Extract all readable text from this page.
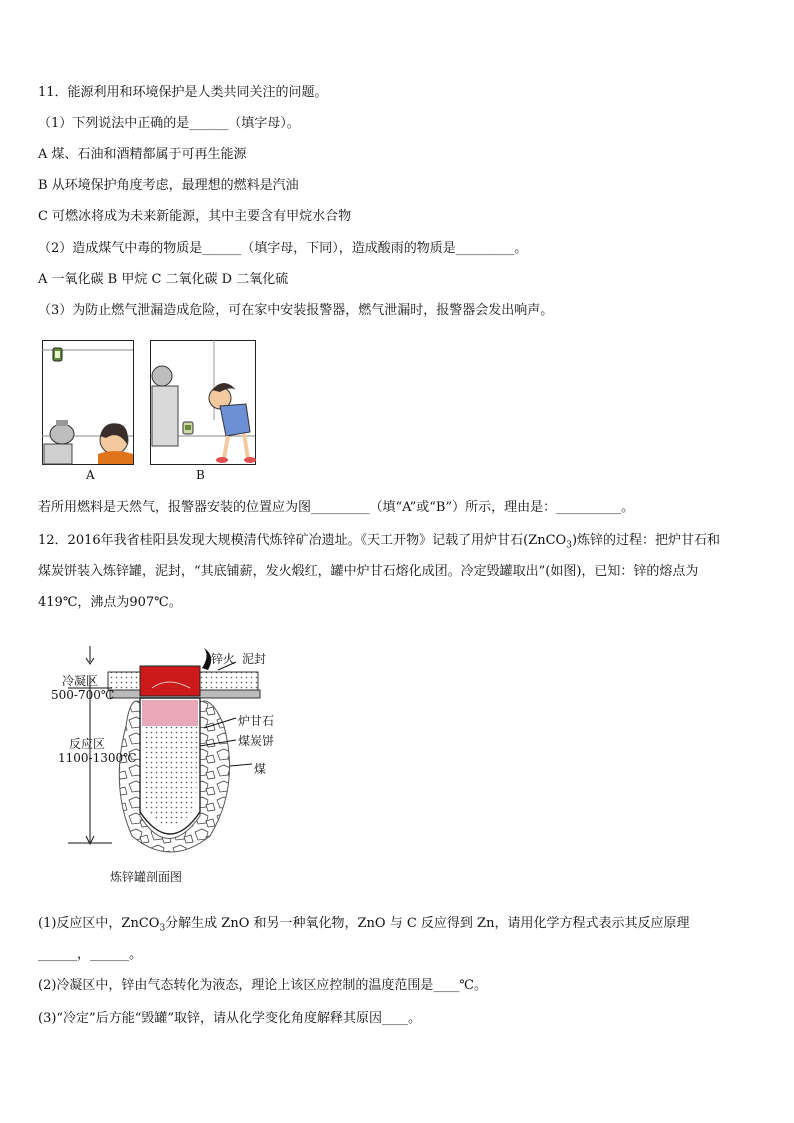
11．能源利用和环境保护是人类共同关注的问题。
（1）下列说法中正确的是______（填字母）。
A 煤、石油和酒精都属于可再生能源
B 从环境保护角度考虑，最理想的燃料是汽油
C 可燃冰将成为未来新能源，其中主要含有甲烷水合物
（2）造成煤气中毒的物质是______（填字母，下同），造成酸雨的物质是_________。
A 一氧化碳 B 甲烷 C 二氧化碳 D 二氧化硫
（3）为防止燃气泄漏造成危险，可在家中安装报警器，燃气泄漏时，报警器会发出响声。
A	B
若所用燃料是天然气，报警器安装的位置应为图_________（填“A”或“B”）所示，理由是：__________。
12．2016年我省桂阳县发现大规模清代炼锌矿冶遗址。《天工开物》记载了用炉甘石(ZnCO$_3$)炼锌的过程：把炉甘石和
煤炭饼装入炼锌罐，泥封，“其底铺薪，发火煅红，罐中炉甘石熔化成团。冷定毁罐取出”(如图)，已知：锌的熔点为
419℃，沸点为907℃。
锌火 泥封
冷凝区
500-700℃
反应区
1100-1300℃
炉甘石
煤炭饼
煤
炼锌罐剖面图
(1)反应区中，ZnCO$_3$分解生成 ZnO 和另一种氧化物，ZnO 与 C 反应得到 Zn，请用化学方程式表示其反应原理
______，______。
(2)冷凝区中，锌由气态转化为液态，理论上该区应控制的温度范围是____℃。
(3)“冷定”后方能“毁罐”取锌，请从化学变化角度解释其原因____。
